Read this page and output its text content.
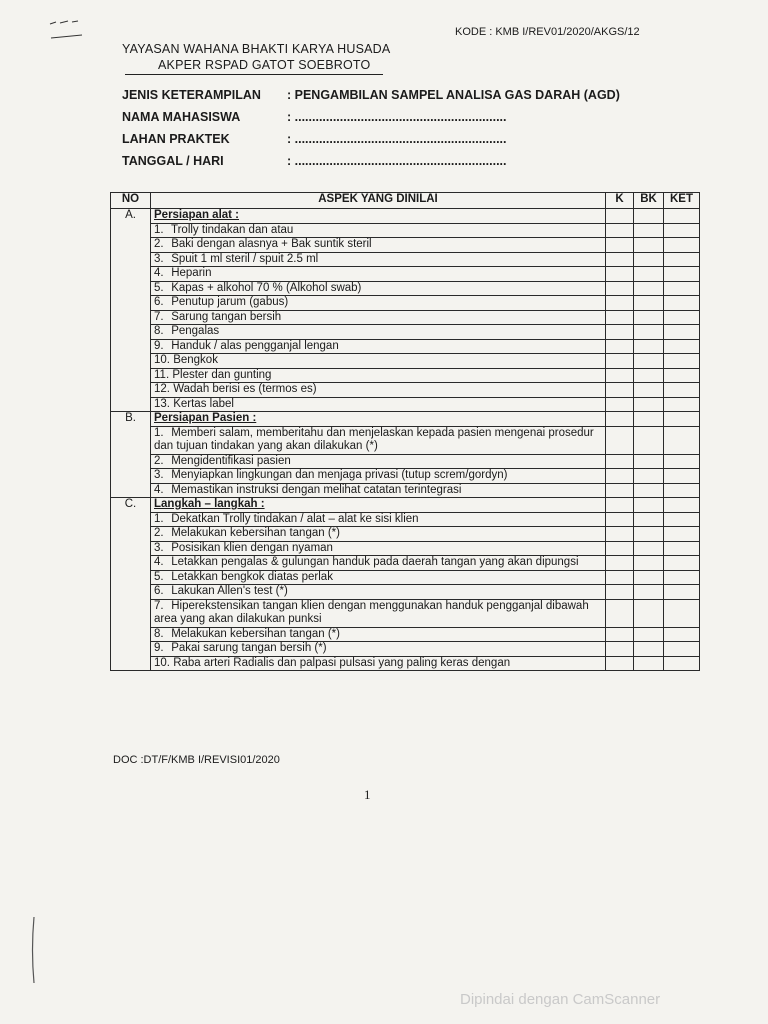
KODE : KMB I/REV01/2020/AKGS/12
YAYASAN WAHANA BHAKTI KARYA HUSADA
AKPER RSPAD GATOT SOEBROTO
JENIS KETERAMPILAN : PENGAMBILAN SAMPEL ANALISA GAS DARAH (AGD)
NAMA MAHASISWA	: .............................................................
LAHAN PRAKTEK	: .............................................................
TANGGAL / HARI	: .............................................................
NO	ASPEK YANG DINILAI	K	BK	KET
A.	Persiapan alat :			
	1. Trolly tindakan dan atau			
	2. Baki dengan alasnya + Bak suntik steril			
	3. Spuit 1 ml steril / spuit 2.5 ml			
	4. Heparin			
	5. Kapas + alkohol 70 % (Alkohol swab)			
	6. Penutup jarum (gabus)			
	7. Sarung tangan bersih			
	8. Pengalas			
	9. Handuk / alas pengganjal lengan			
	10. Bengkok			
	11. Plester dan gunting			
	12. Wadah berisi es (termos es)			
	13. Kertas label			
B.	Persiapan Pasien :			
	1. Memberi salam, memberitahu dan menjelaskan kepada pasien mengenai prosedur dan tujuan tindakan yang akan dilakukan (*)			
	2. Mengidentifikasi pasien			
	3. Menyiapkan lingkungan dan menjaga privasi (tutup screm/gordyn)			
	4. Memastikan instruksi dengan melihat catatan terintegrasi			
C.	Langkah – langkah :			
	1. Dekatkan Trolly tindakan / alat – alat ke sisi klien			
	2. Melakukan kebersihan tangan (*)			
	3. Posisikan klien dengan nyaman			
	4. Letakkan pengalas & gulungan handuk pada daerah tangan yang akan dipungsi			
	5. Letakkan bengkok diatas perlak			
	6. Lakukan Allen's test (*)			
	7. Hiperekstensikan tangan klien dengan menggunakan handuk pengganjal dibawah area yang akan dilakukan punksi			
	8. Melakukan kebersihan tangan (*)			
	9. Pakai sarung tangan bersih (*)			
	10. Raba arteri Radialis dan palpasi pulsasi yang paling keras dengan			
DOC :DT/F/KMB I/REVISI01/2020
1
Dipindai dengan CamScanner
